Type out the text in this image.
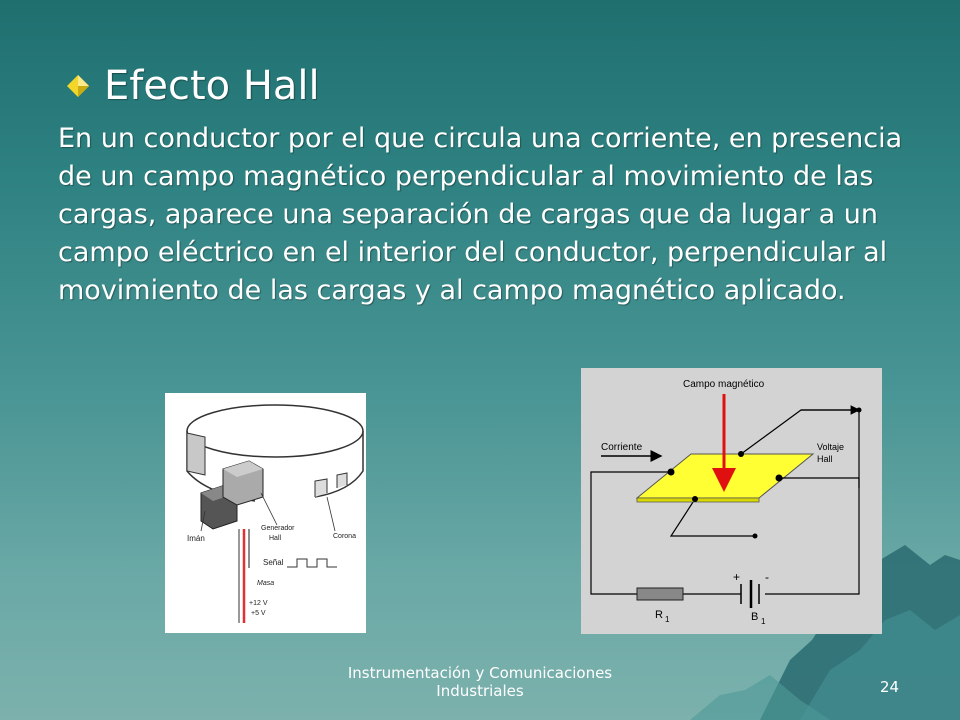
Efecto Hall
En un conductor por el que circula una corriente, en presencia de un campo magnético perpendicular al movimiento de las cargas, aparece una separación de cargas que da lugar a un campo eléctrico en el interior del conductor, perpendicular al movimiento de las cargas y al campo magnético aplicado.
Imán
Generador
Hall	Corona
Señal
Masa
+12 V
+5 V
Campo magnético
Corriente	Voltaje
Hall
+ -
R 1	B 1
Instrumentación y Comunicaciones
Industriales	24
